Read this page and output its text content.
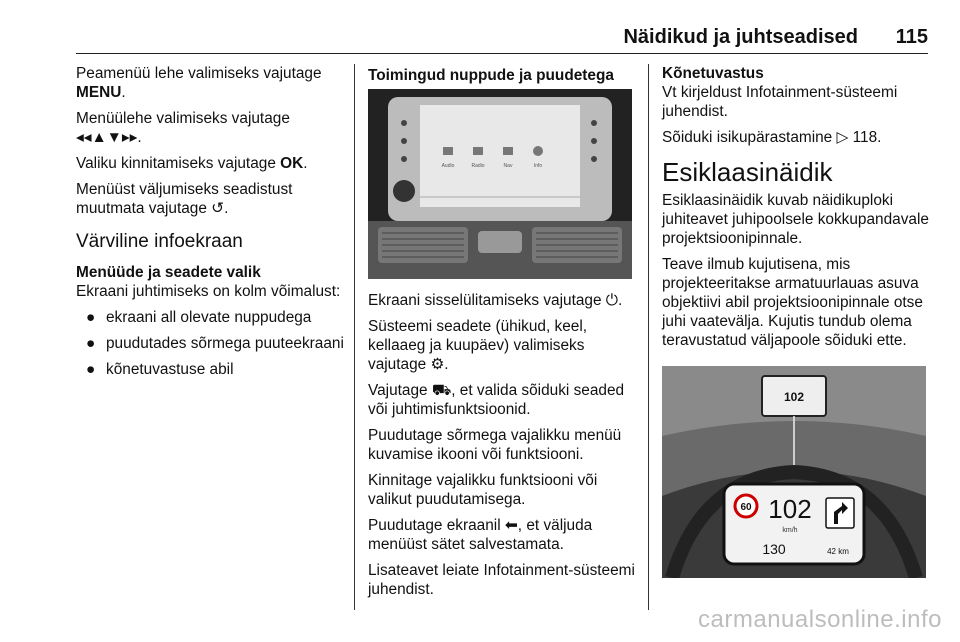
Näidikud ja juhtseadised 115
Peamenüü lehe valimiseks vajutage MENU.
Menüülehe valimiseks vajutage
◂◂▲▼▸▸.
Valiku kinnitamiseks vajutage OK.
Menüüst väljumiseks seadistust muutmata vajutage ↺.
Värviline infoekraan
Menüüde ja seadete valik
Ekraani juhtimiseks on kolm võimalust:
● ekraani all olevate nuppudega
● puudutades sõrmega puuteekraani
● kõnetuvastuse abil
Toimingud nuppude ja puudetega
Audio	Radio	Nav	Info
Ekraani sisselülitamiseks vajutage ⏻.
Süsteemi seadete (ühikud, keel, kellaaeg ja kuupäev) valimiseks vajutage ⚙.
Vajutage ⛟, et valida sõiduki seaded või juhtimisfunktsioonid.
Puudutage sõrmega vajalikku menüü kuvamise ikooni või funktsiooni.
Kinnitage vajalikku funktsiooni või valikut puudutamisega.
Puudutage ekraanil ⬅, et väljuda menüüst sätet salvestamata.
Lisateavet leiate Infotainment-süsteemi juhendist.
Kõnetuvastus
Vt kirjeldust Infotainment-süsteemi juhendist.
Sõiduki isikupärastamine ▷ 118.
Esiklaasinäidik
Esiklaasinäidik kuvab näidikuploki juhiteavet juhipoolsele kokkupandavale projektsioonipinnale.
Teave ilmub kujutisena, mis projekteeritakse armatuurlauas asuva objektiivi abil projektsioonipinnale otse juhi vaatevälja. Kujutis tundub olema teravustatud väljapoole sõiduki ette.
102
60 102
km/h
130	42 km
carmanualsonline.info
